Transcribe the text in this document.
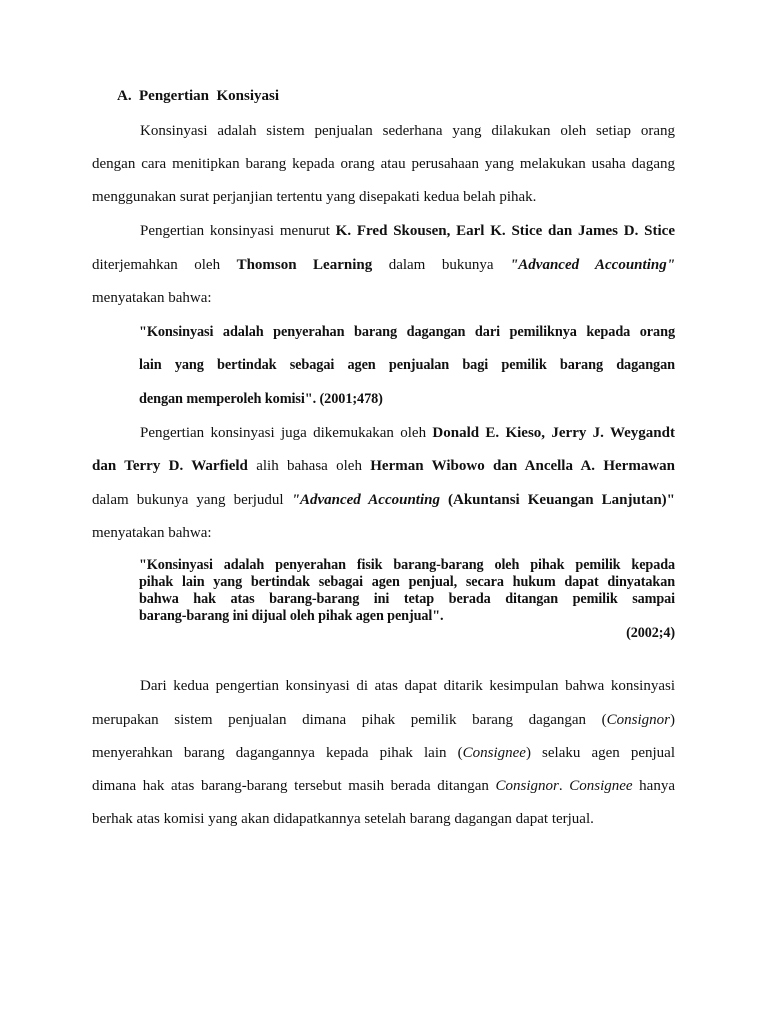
A. Pengertian  Konsiyasi
Konsinyasi adalah sistem penjualan sederhana yang dilakukan oleh setiap orang
dengan cara menitipkan barang kepada orang atau perusahaan yang melakukan usaha dagang
menggunakan surat perjanjian tertentu yang disepakati kedua belah pihak.
Pengertian konsinyasi menurut K. Fred Skousen, Earl K. Stice dan James D. Stice
diterjemahkan oleh Thomson Learning dalam bukunya "Advanced Accounting"
menyatakan bahwa:
"Konsinyasi adalah penyerahan barang dagangan dari pemiliknya kepada orang
lain yang bertindak sebagai agen penjualan bagi pemilik barang dagangan
dengan memperoleh komisi". (2001;478)
Pengertian konsinyasi juga dikemukakan oleh Donald E. Kieso, Jerry J. Weygandt
dan Terry D. Warfield alih bahasa oleh Herman Wibowo dan Ancella A. Hermawan
dalam bukunya yang berjudul "Advanced Accounting (Akuntansi Keuangan Lanjutan)"
menyatakan bahwa:
"Konsinyasi adalah penyerahan fisik barang-barang oleh pihak pemilik kepada
pihak lain yang bertindak sebagai agen penjual, secara hukum dapat dinyatakan
bahwa hak atas barang-barang ini tetap berada ditangan pemilik sampai
barang-barang ini dijual oleh pihak agen penjual".
(2002;4)
Dari kedua pengertian konsinyasi di atas dapat ditarik kesimpulan bahwa konsinyasi
merupakan sistem penjualan dimana pihak pemilik barang dagangan (Consignor)
menyerahkan barang dagangannya kepada pihak lain (Consignee) selaku agen penjual
dimana hak atas barang-barang tersebut masih berada ditangan Consignor. Consignee hanya
berhak atas komisi yang akan didapatkannya setelah barang dagangan dapat terjual.
